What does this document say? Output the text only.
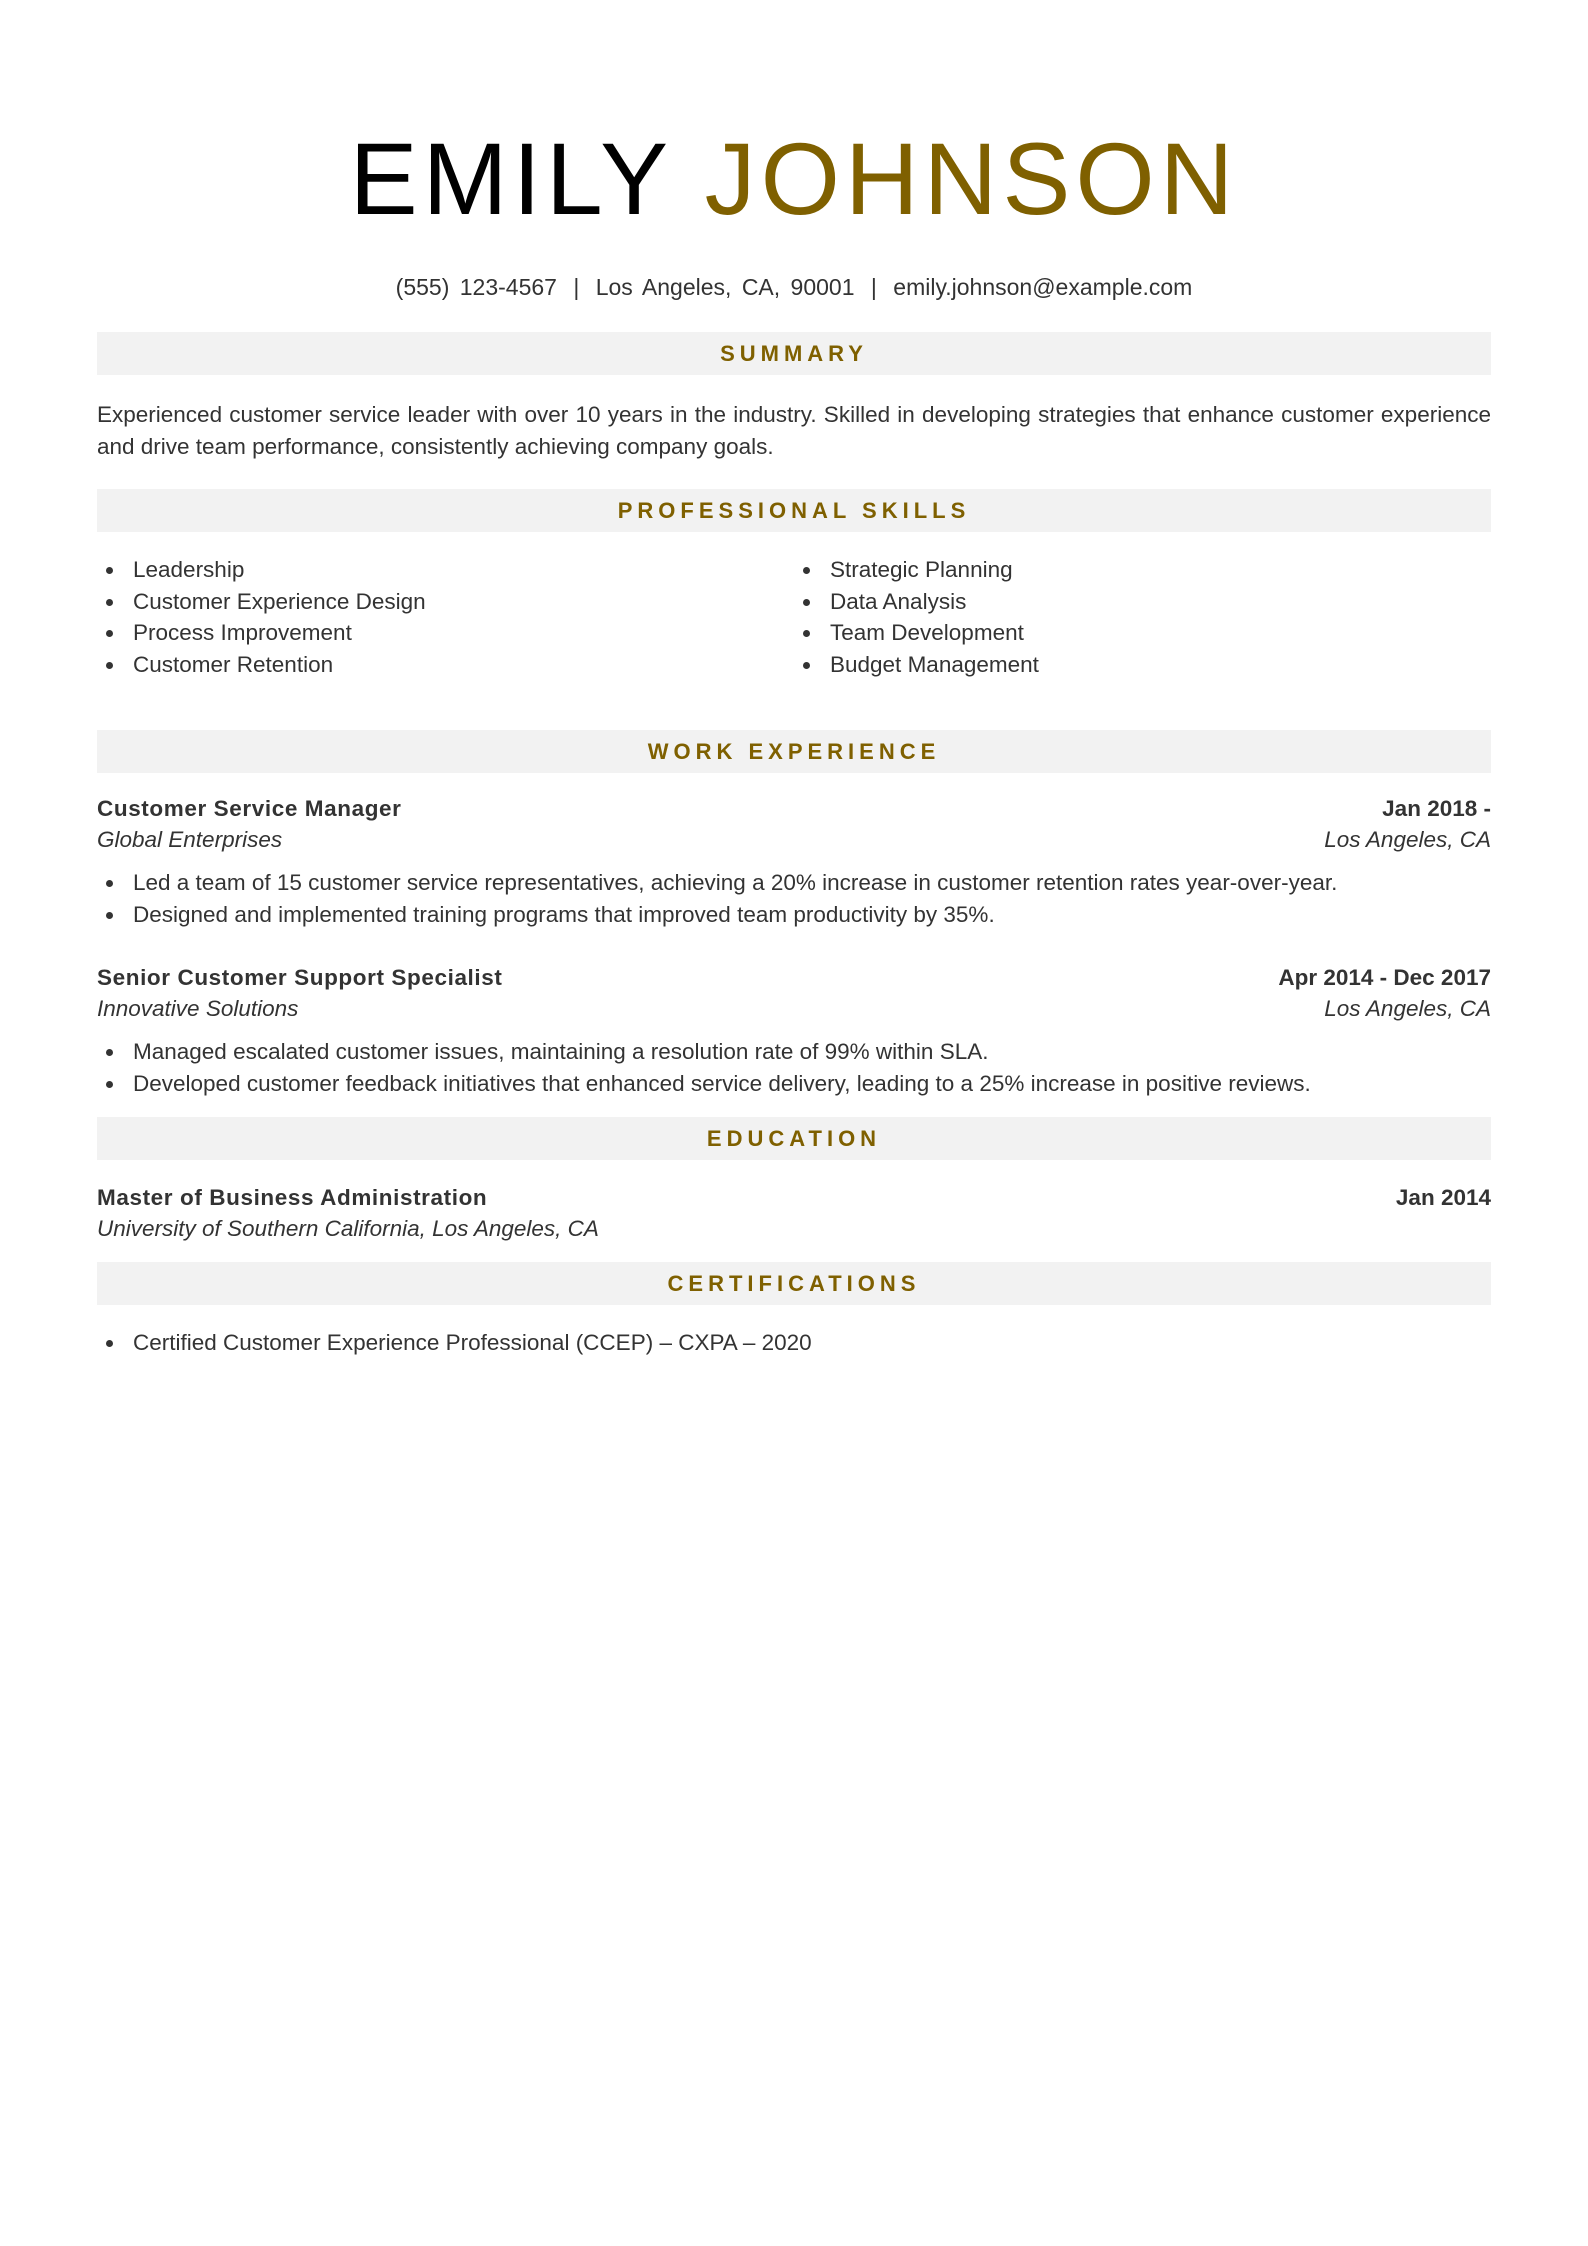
EMILY JOHNSON
(555) 123-4567 | Los Angeles, CA, 90001 | emily.johnson@example.com
SUMMARY

Experienced customer service leader with over 10 years in the industry. Skilled in developing strategies that enhance customer experience and drive team performance, consistently achieving company goals.

PROFESSIONAL SKILLS
Leadership
Customer Experience Design
Process Improvement
Customer Retention
Strategic Planning
Data Analysis
Team Development
Budget Management
WORK EXPERIENCE
Customer Service Manager	Jan 2018 -
Global Enterprises	Los Angeles, CA
Led a team of 15 customer service representatives, achieving a 20% increase in customer retention rates year-over-year.
Designed and implemented training programs that improved team productivity by 35%.
Senior Customer Support Specialist	Apr 2014 - Dec 2017
Innovative Solutions	Los Angeles, CA
Managed escalated customer issues, maintaining a resolution rate of 99% within SLA.
Developed customer feedback initiatives that enhanced service delivery, leading to a 25% increase in positive reviews.
EDUCATION
Master of Business Administration	Jan 2014
University of Southern California, Los Angeles, CA
CERTIFICATIONS
Certified Customer Experience Professional (CCEP) – CXPA – 2020
